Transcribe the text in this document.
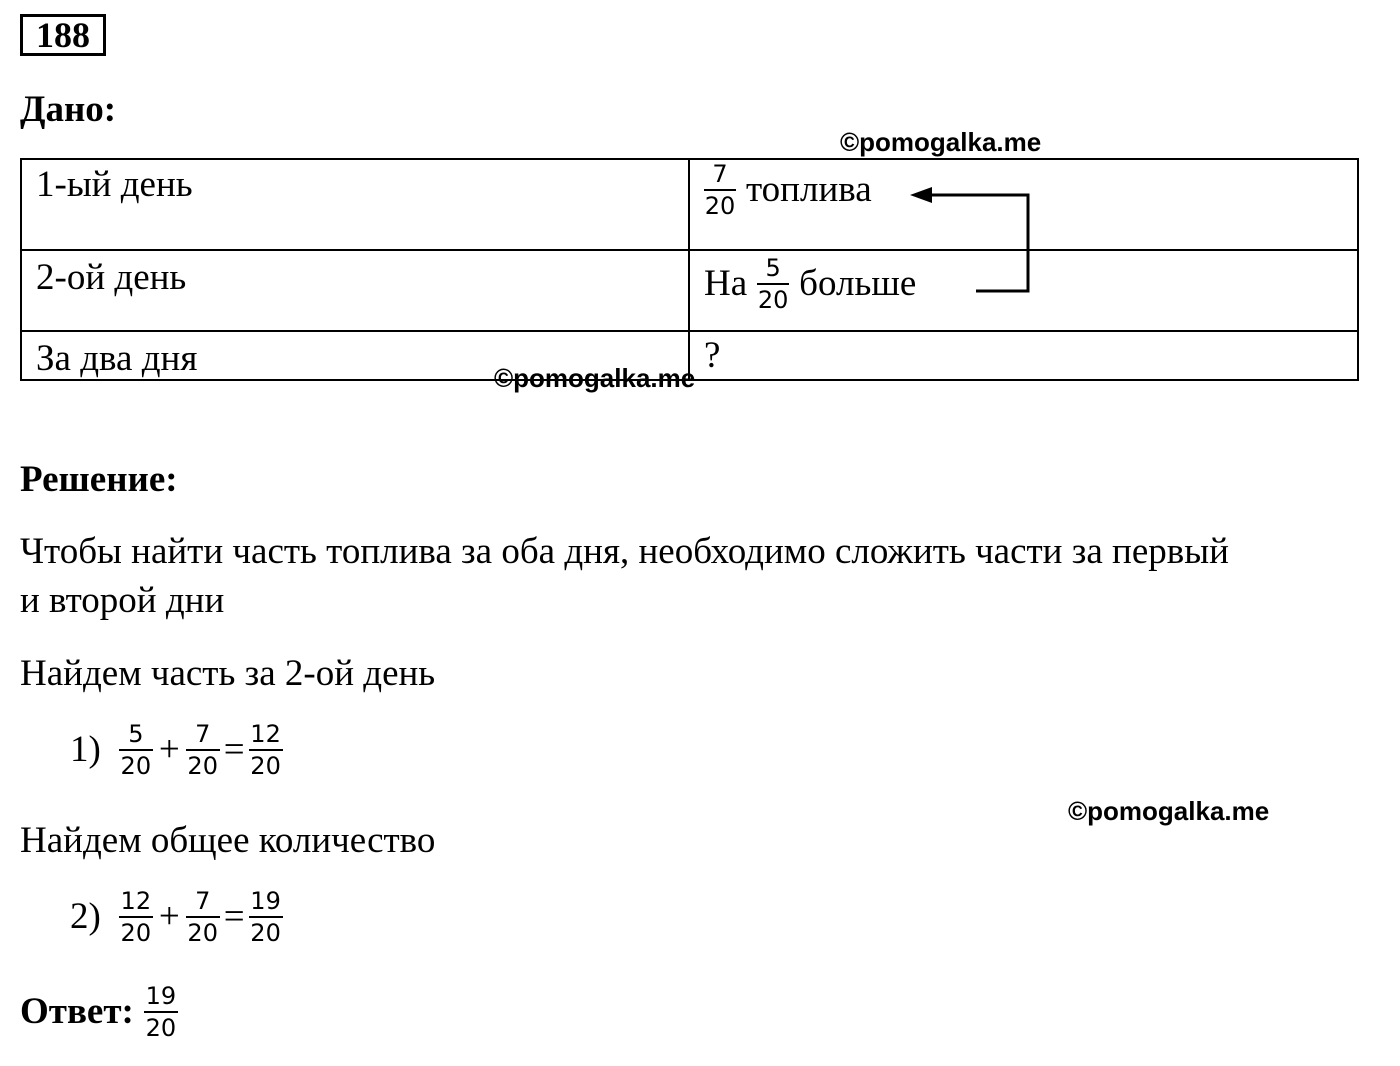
188
Дано:
©pomogalka.me
1-ый день	$\frac{7}{20}$ топлива
2-ой день	На $\frac{5}{20}$ больше
За два дня	?
©pomogalka.me
Решение:
Чтобы найти часть топлива за оба дня, необходимо сложить части за первый
и второй дни
Найдем часть за 2-ой день
$1) \frac{5}{20} + \frac{7}{20} = \frac{12}{20}$
©pomogalka.me
Найдем общее количество
$2) \frac{12}{20} + \frac{7}{20} = \frac{19}{20}$
Ответ: $\frac{19}{20}$
